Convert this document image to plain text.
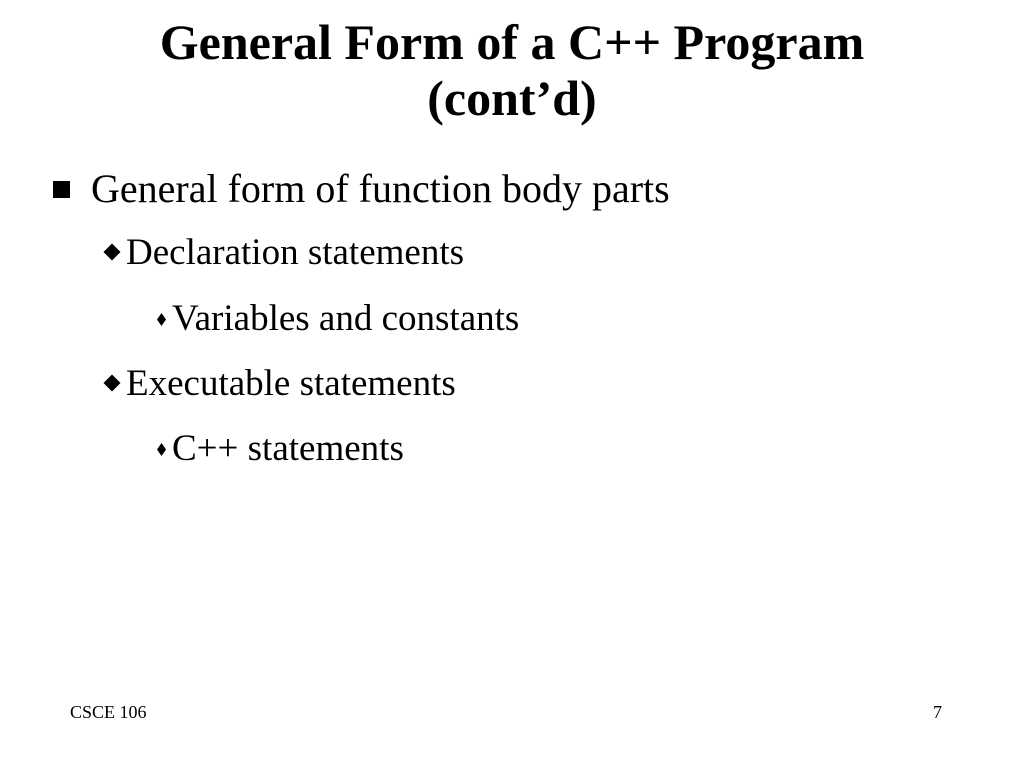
General Form of a C++ Program
(cont’d)
General form of function body parts
Declaration statements
Variables and constants
Executable statements
C++ statements
CSCE 106	7
